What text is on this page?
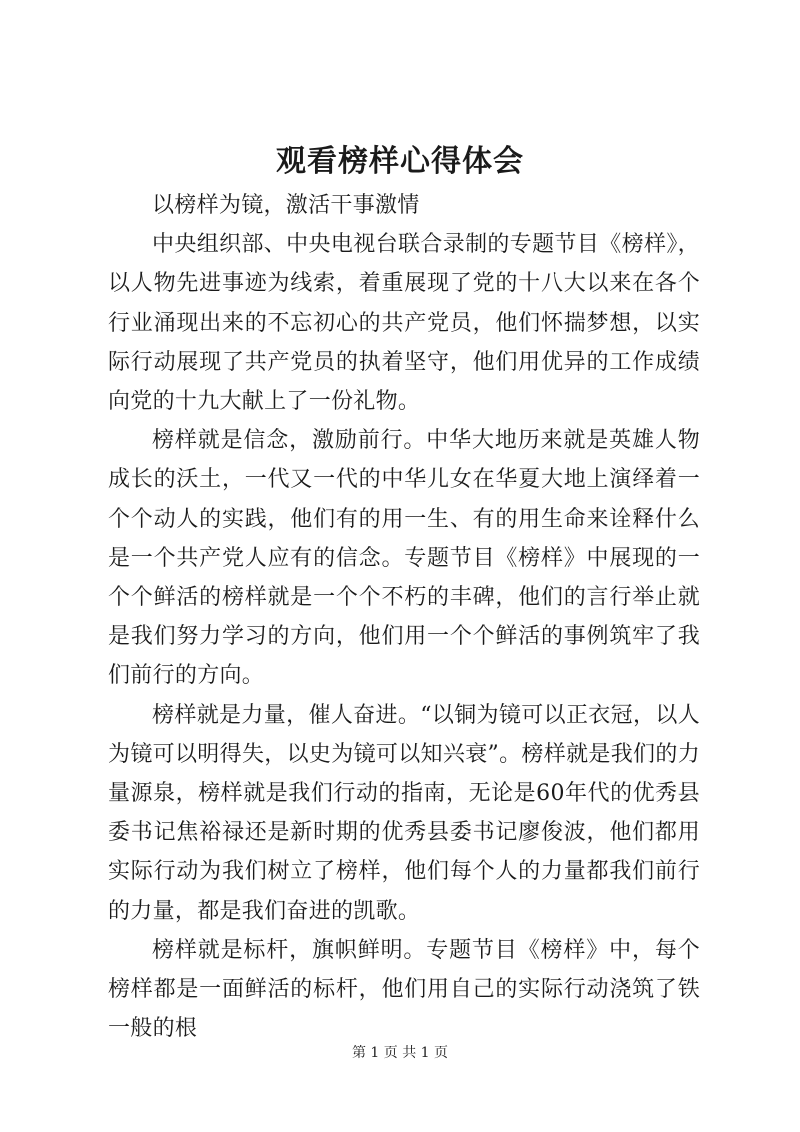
观看榜样心得体会

以榜样为镜，激活干事激情

中央组织部、中央电视台联合录制的专题节目《榜样》，以人物先进事迹为线索，着重展现了党的十八大以来在各个行业涌现出来的不忘初心的共产党员，他们怀揣梦想，以实际行动展现了共产党员的执着坚守，他们用优异的工作成绩向党的十九大献上了一份礼物。

榜样就是信念，激励前行。中华大地历来就是英雄人物成长的沃土，一代又一代的中华儿女在华夏大地上演绎着一个个动人的实践，他们有的用一生、有的用生命来诠释什么是一个共产党人应有的信念。专题节目《榜样》中展现的一个个鲜活的榜样就是一个个不朽的丰碑，他们的言行举止就是我们努力学习的方向，他们用一个个鲜活的事例筑牢了我们前行的方向。

榜样就是力量，催人奋进。“以铜为镜可以正衣冠，以人为镜可以明得失，以史为镜可以知兴衰”。榜样就是我们的力量源泉，榜样就是我们行动的指南，无论是60年代的优秀县委书记焦裕禄还是新时期的优秀县委书记廖俊波，他们都用实际行动为我们树立了榜样，他们每个人的力量都我们前行的力量，都是我们奋进的凯歌。

榜样就是标杆，旗帜鲜明。专题节目《榜样》中，每个榜样都是一面鲜活的标杆，他们用自己的实际行动浇筑了铁一般的根

第 1 页 共 1 页
